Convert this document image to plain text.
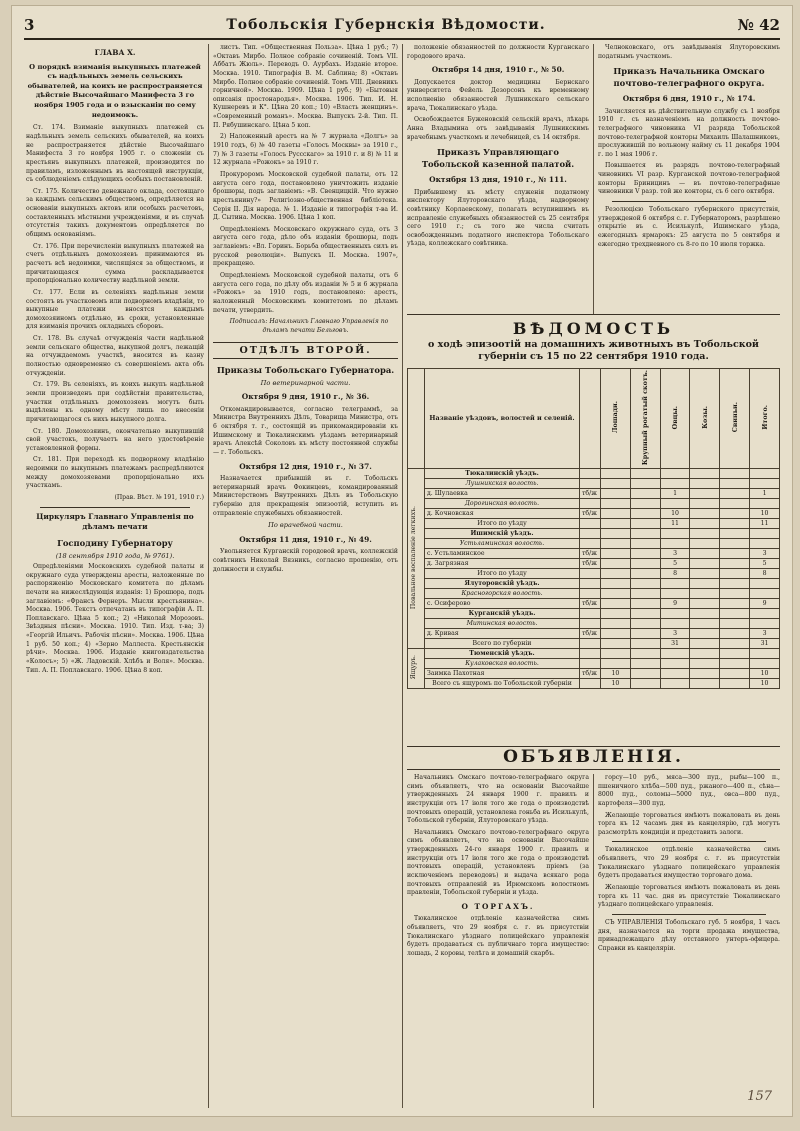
3	Тобольскія Губернскія Вѣдомости.	№ 42
ГЛАВА X.

О порядкѣ взиманія выкупныхъ платежей съ надѣльныхъ земель сельскихъ обывателей, на коихъ не распространяется дѣйствіе Высочайшаго Манифеста 3 го ноября 1905 года и о взысканіи по сему недоимокъ.

Ст. 174. Взиманіе выкупныхъ платежей съ надѣльныхъ земель сельскихъ обывателей, на коихъ не распространяется дѣйствіе Высочайшаго Манифеста 3 го ноября 1905 г. о сложеніи съ крестьянъ выкупныхъ платежей, производится по правиламъ, изложеннымъ въ настоящей инструкціи, съ соблюденіемъ слѣдующихъ особыхъ постановленій.

Ст. 175. Количество денежнаго оклада, состоящаго за каждымъ сельскимъ обществомъ, опредѣляется на основаніи выкупныхъ актовъ или особыхъ расчетовъ, составленныхъ мѣстными учрежденіями, и въ случаѣ отсутствія такихъ документовъ опредѣляется по общимъ основаніямъ.

Ст. 176. При перечисленіи выкупныхъ платежей на счетъ отдѣльныхъ домохозяевъ принимаются въ расчетъ всѣ недоимки, числящіяся за обществомъ, и причитающаяся сумма раскладывается пропорціонально количеству надѣльной земли.

Ст. 177. Если въ селеніяхъ надѣльныя земли состоятъ въ участковомъ или подворномъ владѣніи, то выкупные платежи вносятся каждымъ домохозяиномъ отдѣльно, въ сроки, установленные для взиманія прочихъ окладныхъ сборовъ.

Ст. 178. Въ случаѣ отчужденія части надѣльной земли сельскаго общества, выкупной долгъ, лежащій на отчуждаемомъ участкѣ, вносится въ казну полностью одновременно съ совершеніемъ акта объ отчужденіи.

Ст. 179. Въ селеніяхъ, въ коихъ выкупъ надѣльной земли произведенъ при содѣйствіи правительства, участки отдѣльныхъ домохозяевъ могутъ быть выдѣлены къ одному мѣсту лишь по внесеніи причитающагося съ нихъ выкупного долга.

Ст. 180. Домохозяинъ, окончательно выкупившій свой участокъ, получаетъ на него удостовѣреніе установленной формы.

Ст. 181. При переходѣ къ подворному владѣнію недоимки по выкупнымъ платежамъ распредѣляются между домохозяевами пропорціонально ихъ участкамъ.

(Прав. Вѣст. № 191, 1910 г.)

Циркуляръ Главнаго Управленія по дѣламъ печати
Господину Губернатору
(18 сентября 1910 года, № 9761).

Опредѣленіями Московскихъ судебной палаты и окружнаго суда утверждены аресты, наложенные по распоряженію Московскаго комитета по дѣламъ печати на нижеслѣдующія изданія: 1) Брошюра, подъ заглавіемъ: «Франсъ Фернеръ. Мысли крестьянина». Москва. 1906. Текстъ отпечатанъ въ типографіи А. П. Поплавскаго. Цѣна 5 коп.; 2) «Николай Морозовъ. Звѣздныя пѣсни». Москва. 1910. Тип. Изд. т-ва; 3) «Георгій Ильичъ. Рабочія пѣсни». Москва. 1906. Цѣна 1 руб. 50 коп.; 4) «Зерно Маллеста. Крестьянскія рѣчи». Москва. 1906. Изданіе книгоиздательства «Колосъ»; 5) «Ж. Ладовскій. Хлѣбъ и Воля». Москва. Тип. А. П. Поплавскаго. 1906. Цѣна 8 коп.

листъ. Тип. «Общественная Польза». Цѣна 1 руб.; 7) «Октавъ Мирбо. Полное собраніе сочиненій. Томъ VII. Аббатъ Жюль». Переводъ О. Аурбахъ. Изданіе второе. Москва. 1910. Типографія В. М. Саблина; 8) «Октавъ Мирбо. Полное собраніе сочиненій. Томъ VIII. Дневникъ горничной». Москва. 1909. Цѣна 1 руб.; 9) «Бытовыя описанія простонародья». Москва. 1906. Тип. И. Н. Кушнеревъ и К°. Цѣна 20 коп.; 10) «Власть женщинъ». «Современный романъ». Москва. Выпускъ 2-й. Тип. П. П. Рябушинскаго. Цѣна 5 коп.

2) Наложенный арестъ на № 7 журнала «Долгъ» за 1910 годъ, 6) № 40 газеты «Голосъ Москвы» за 1910 г., 7) № 3 газеты «Голосъ Руссскаго» за 1910 г. и 8) № 11 и 12 журнала «Рожокъ» за 1910 г.

Прокуроромъ Московской судебной палаты, отъ 12 августа сего года, постановлено уничтожить изданіе брошюры, подъ заглавіемъ: «В. Свенцицкій. Что нужно крестьянину?» Религіозно-общественная библіотека. Серія II. Дія народа. № 1. Изданіе и типографія т-ва И. Д. Сытина. Москва. 1906. Цѣна 1 коп.

Опредѣленіемъ Московскаго окружнаго суда, отъ 3 августа сего года, дѣло объ изданіи брошюры, подъ заглавіемъ: «Вл. Горинъ. Борьба общественныхъ силъ въ русской революціи». Выпускъ II. Москва. 1907», прекращено.

Опредѣленіемъ Московской судебной палаты, отъ 6 августа сего года, по дѣлу объ изданіи № 5 и 6 журнала «Рожокъ» за 1910 годъ, постановлено: арестъ, наложенный Московскимъ комитетомъ по дѣламъ печати, утвердить.

Подписалъ: Начальникъ Главнаго Управленія по дѣламъ печати Бельговъ.

ОТДѢЛЪ ВТОРОЙ.
Приказы Тобольскаго Губернатора.
По ветеринарной части.
Октября 9 дня, 1910 г., № 36.

Откомандировывается, согласно телеграммѣ, за Министра Внутреннихъ Дѣлъ, Товарища Министра, отъ 6 октября т. г., состоящій въ прикомандированіи къ Ишимскому и Тюкалинскимъ уѣздамъ ветеринарный врачъ Алексѣй Соколовъ къ мѣсту постоянной службы — г. Тобольскъ.

Октября 12 дня, 1910 г., № 37.

Назначается прибывшій въ г. Тобольскъ ветеринарный врачъ Фокинцевъ, командированный Министерствомъ Внутреннихъ Дѣлъ въ Тобольскую губернію для прекращенія эпизоотій, вступить въ отправленіе служебныхъ обязанностей.

По врачебной части.
Октября 11 дня, 1910 г., № 49.

Увольняется Курганскій городовой врачъ, коллежскій совѣтникъ Николай Вязникъ, согласно прошенію, отъ должности и службы.

положеніе обязанностей по должности Курганскаго городового врача.

Октября 14 дня, 1910 г., № 50.

Допускается доктор медицины Бернскаго университета Фейель Дезорсонъ къ временному исполненію обязанностей Лушникскаго сельскаго врача, Тюкалинскаго уѣзда.

Освобождается Буженовскій сельскій врачъ, лѣкарь Анна Владымина отъ завѣдыванія Лушникскимъ врачебнымъ участкомъ и лечебницей, съ 14 октября.

Приказъ Управляющаго Тобольской казенной палатой.
Октября 13 дня, 1910 г., № 111.

Прибывшему къ мѣсту служенія податному инспектору Ялуторовскаго уѣзда, надворному совѣтнику Корлаевскому, полагать вступившимъ въ исправленіе служебныхъ обязанностей съ 25 сентября сего 1910 г.; съ того же числа считать освобожденнымъ податного инспектора Тобольскаго уѣзда, коллежскаго совѣтника.

Челноковскаго, отъ завѣдыванія Ялуторовскимъ податнымъ участкомъ.

Приказъ Начальника Омскаго почтово-телеграфного округа.
Октября 6 дня, 1910 г., № 174.

Зачисляется въ дѣйствительную службу съ 1 ноября 1910 г. съ назначеніемъ на должность почтово-телеграфного чиновника VI разряда Тобольской почтово-телеграфной конторы Михаилъ Шалашниковъ, прослужившій по вольному найму съ 11 декабря 1904 г. по 1 мая 1906 г.

Повышается въ разрядъ почтово-телеграфный чиновникъ VI разр. Курганской почтово-телеграфной конторы Бриницинъ — въ почтово-телеграфные чиновники V разр. той же конторы, съ 6 сего октября.

Резолюцією Тобольскаго губернского присутствія, утвержденой 6 октября с. г. Губернаторомъ, разрѣшено открытіе въ с. Исилькулѣ, Ишимскаго уѣзда, ежегодныхъ ярмарокъ: 25 августа по 5 сентября и ежегодно трехдневного съ 8-го по 10 июля торжка.

ВѢДОМОСТЬ
о ходѣ эпизоотій на домашнихъ животныхъ въ Тобольской губерніи съ 15 по 22 сентября 1910 года.
	Названіе уѣздовъ, волостей и селеній.		Лошади.	Крупный рогатый скотъ.	Овцы.	Козы.	Свиньи.	Итого.
Повальное воспаленіе легкихъ.	Тюкалинскій уѣздъ.							
	Лушникская волость.							
	д. Шулаевка	тб/ж			1			1
	Дорогинская волость.							
	д. Кочновская	тб/ж			10			10
	Итого по уѣзду				11			11
	Ишимскій уѣздъ.							
	Устьламинская волость.							
	с. Устьламинское	тб/ж			3			3
	д. Загрязная	тб/ж			5			5
	Итого по уѣзду				8			8
	Ялуторовскій уѣздъ.							
	Красногорская волость.							
	с. Осиферово	тб/ж			9			9
	Курганскій уѣздъ.							
	Митинская волость.							
	д. Кривая	тб/ж			3			3
	Всего по губерніи				31			31
Ящуръ.	Тюменскій уѣздъ.							
	Кулаковская волость.							
	Заимка Пахотная	тб/ж	10					10
	Всего съ ящуромъ по Тобольской губерніи		10					10
ОБЪЯВЛЕНІЯ.

Начальникъ Омскаго почтово-телеграфнаго округа симъ объявляетъ, что на основаніи Высочайше утвержденныхъ 24 января 1900 г. правилъ и инструкціи отъ 17 іюля того же года о производствѣ почтовыхъ операцій, установлена гоньба въ Исилькулѣ, Тобольской губерніи, Ялуторовскаго уѣзда.

Начальникъ Омскаго почтово-телеграфнаго округа симъ объявляетъ, что на основаніи Высочайше утвержденныхъ 24-го января 1900 г. правилъ и инструкціи отъ 17 іюля того же года о производствѣ почтовыхъ операцій, установленъ пріемъ (за исключеніемъ переводовъ) и выдача всякаго рода почтовыхъ отправленій въ Ирюмскомъ волостномъ правленіи, Тобольской губерніи и уѣзда.

О ТОРГАХЪ.

Тюкалинское отдѣленіе казначейства симъ объявляетъ, что 29 ноября с. г. въ присутствіи Тюкалинскаго уѣзднаго полицейскаго управленія будетъ продаваться съ публичнаго торга имущество: лошадь, 2 коровы, телѣга и домашній скарбъ.

горсу—10 руб., мяса—300 пуд., рыбы—100 п., пшеничного хлѣба—500 пуд., ржаного—400 п., сѣна—8000 пуд., соломы—5000 пуд., овса—800 пуд., картофеля—300 пуд.

Желающіе торговаться имѣютъ пожаловать въ день торга къ 12 часамъ дня въ канцелярію, гдѣ могутъ разсмотрѣть кондиціи и представить залоги.

Тюкалинское отдѣленіе казначейства симъ объявляетъ, что 29 ноября с. г. въ присутствіи Тюкалинскаго уѣзднаго полицейскаго управленія будетъ продаваться имущество торговаго дома.

Желающіе торговаться имѣютъ пожаловать въ день торга къ 11 час. дня въ присутствіе Тюкалинскаго уѣзднаго полицейскаго управленія.

СЪ УПРАВЛЕНІЯ Тобольскаго губ. 5 ноября, 1 часъ дня, назначается на торги продажа имущества, принадлежащаго дѣлу отставного унтеръ-офицера. Справки въ канцеляріи.

157
